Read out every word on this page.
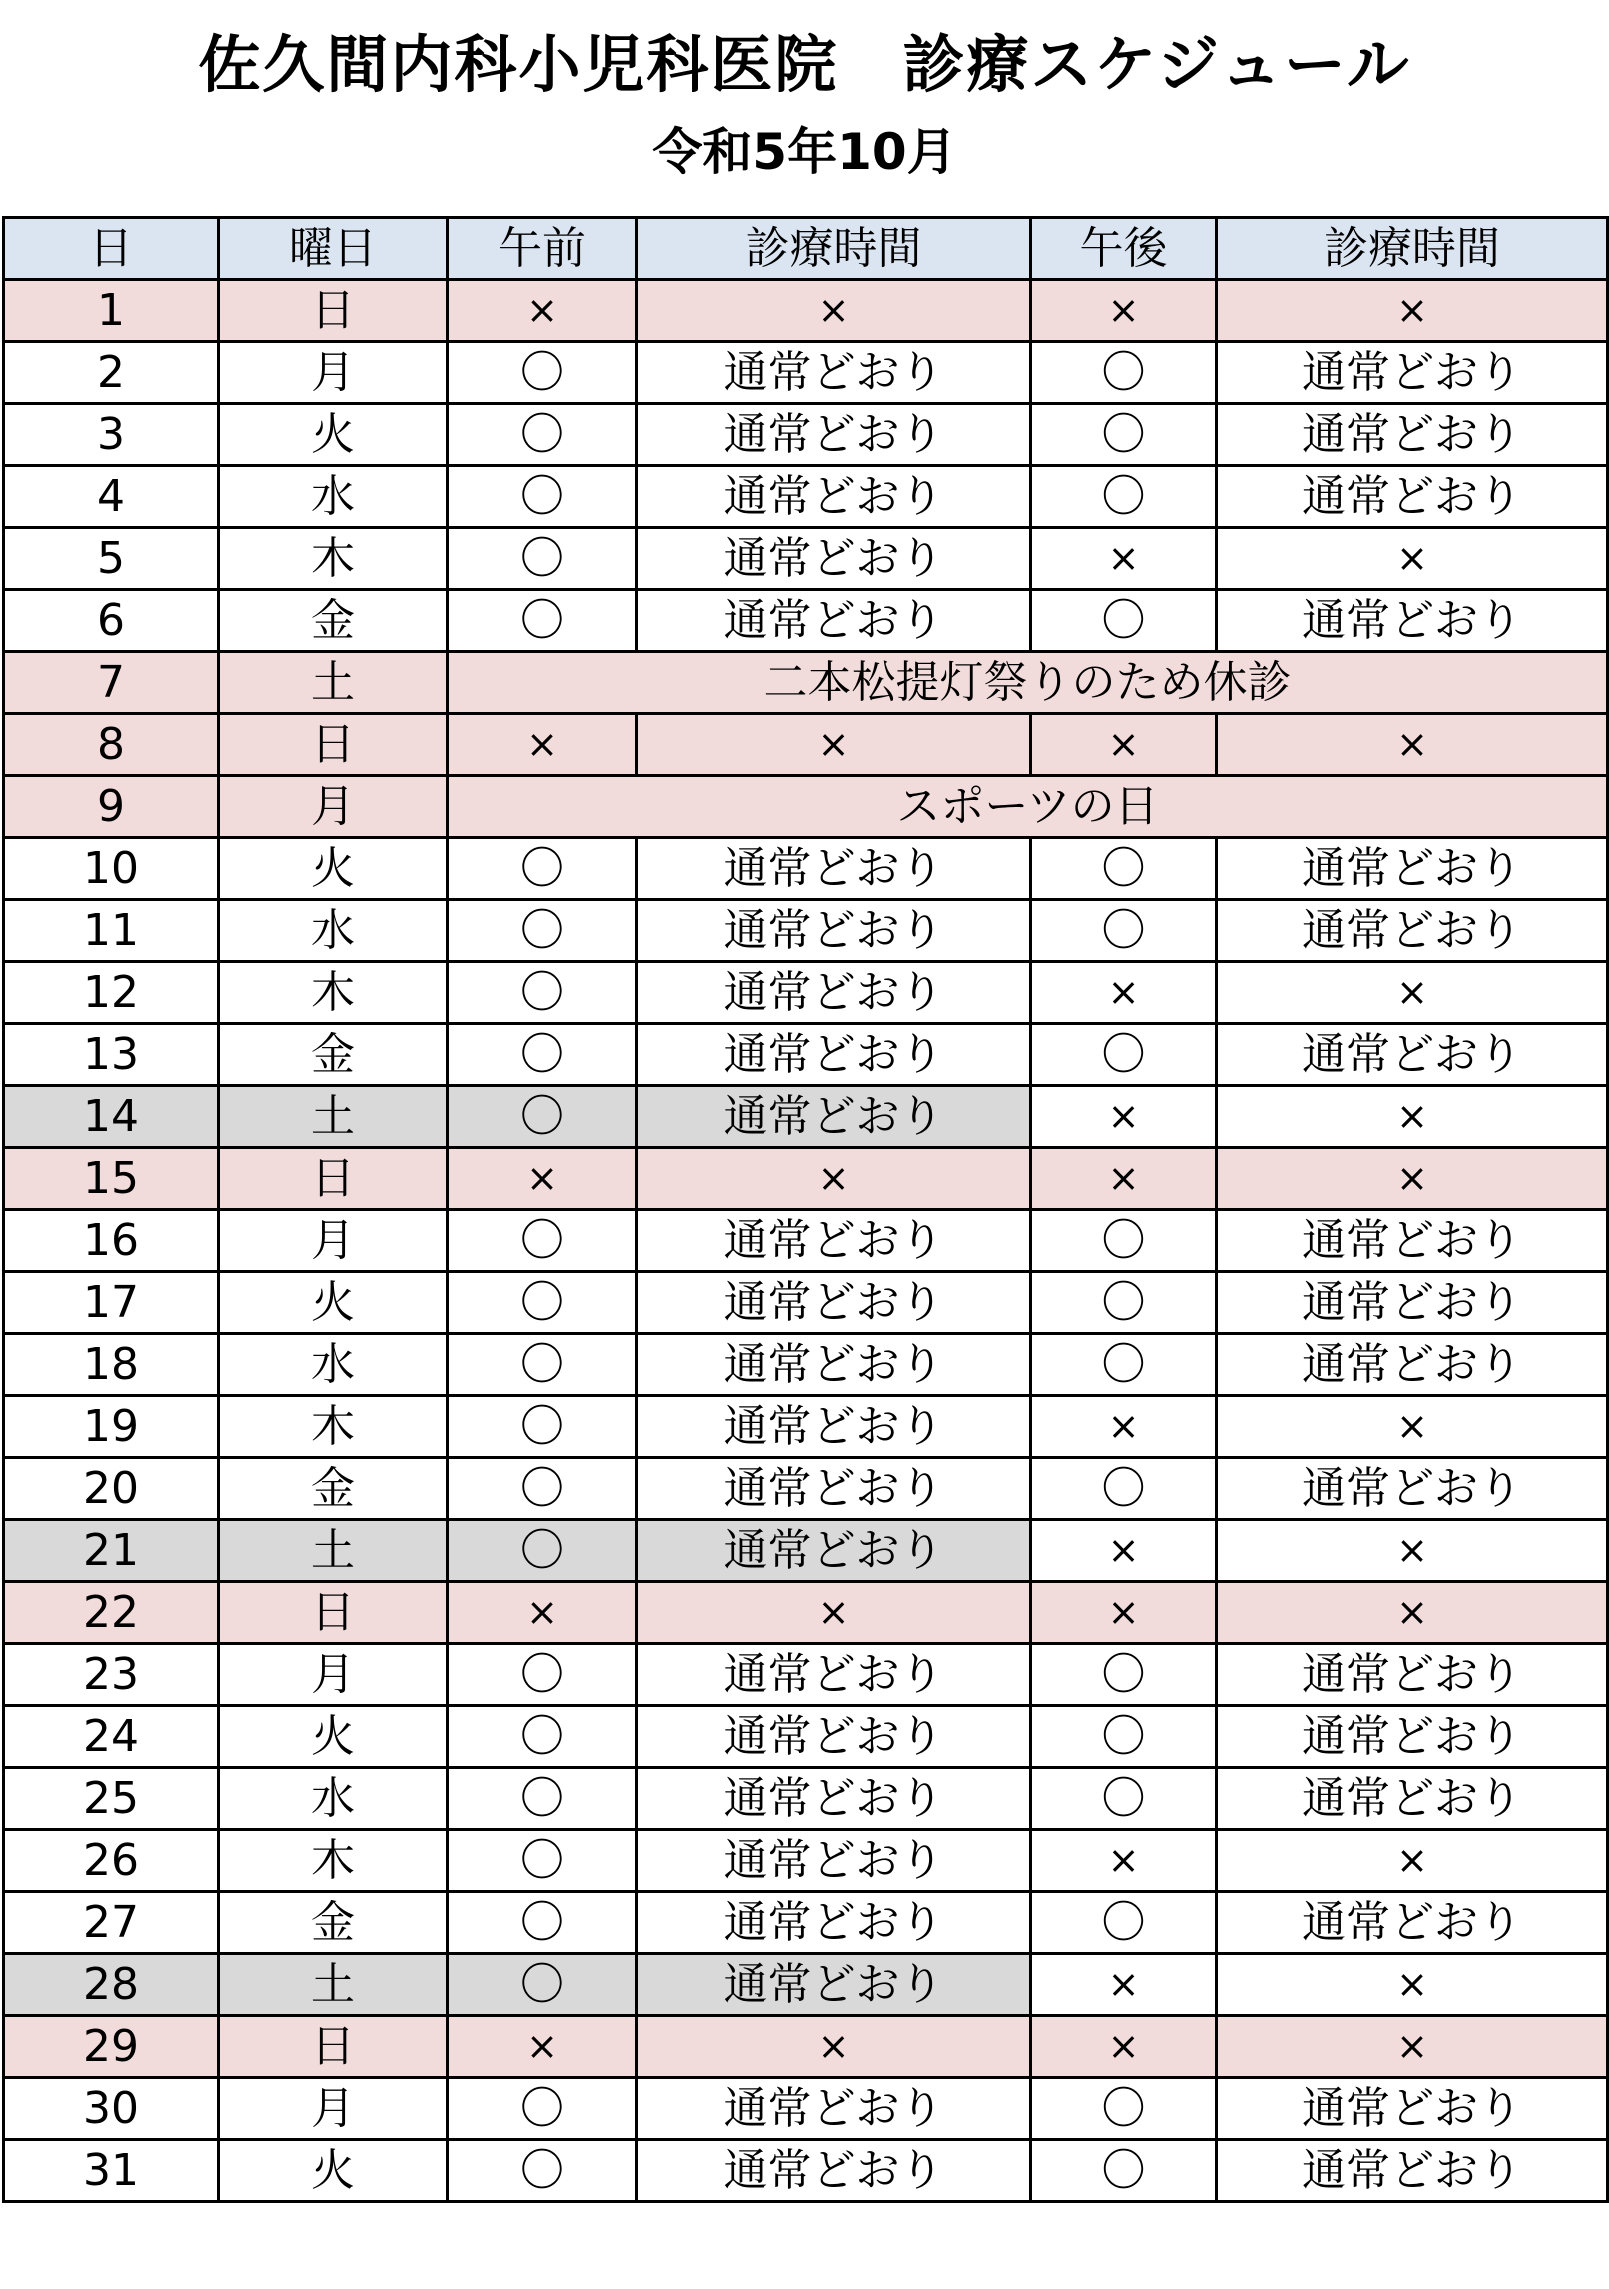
佐久間内科小児科医院　診療スケジュール
令和5年10月
日	曜日	午前	診療時間	午後	診療時間
1	日	×	×	×	×
2	月	〇	通常どおり	〇	通常どおり
3	火	〇	通常どおり	〇	通常どおり
4	水	〇	通常どおり	〇	通常どおり
5	木	〇	通常どおり	×	×
6	金	〇	通常どおり	〇	通常どおり
7	土	二本松提灯祭りのため休診			
8	日	×	×	×	×
9	月	スポーツの日			
10	火	〇	通常どおり	〇	通常どおり
11	水	〇	通常どおり	〇	通常どおり
12	木	〇	通常どおり	×	×
13	金	〇	通常どおり	〇	通常どおり
14	土	〇	通常どおり	×	×
15	日	×	×	×	×
16	月	〇	通常どおり	〇	通常どおり
17	火	〇	通常どおり	〇	通常どおり
18	水	〇	通常どおり	〇	通常どおり
19	木	〇	通常どおり	×	×
20	金	〇	通常どおり	〇	通常どおり
21	土	〇	通常どおり	×	×
22	日	×	×	×	×
23	月	〇	通常どおり	〇	通常どおり
24	火	〇	通常どおり	〇	通常どおり
25	水	〇	通常どおり	〇	通常どおり
26	木	〇	通常どおり	×	×
27	金	〇	通常どおり	〇	通常どおり
28	土	〇	通常どおり	×	×
29	日	×	×	×	×
30	月	〇	通常どおり	〇	通常どおり
31	火	〇	通常どおり	〇	通常どおり
